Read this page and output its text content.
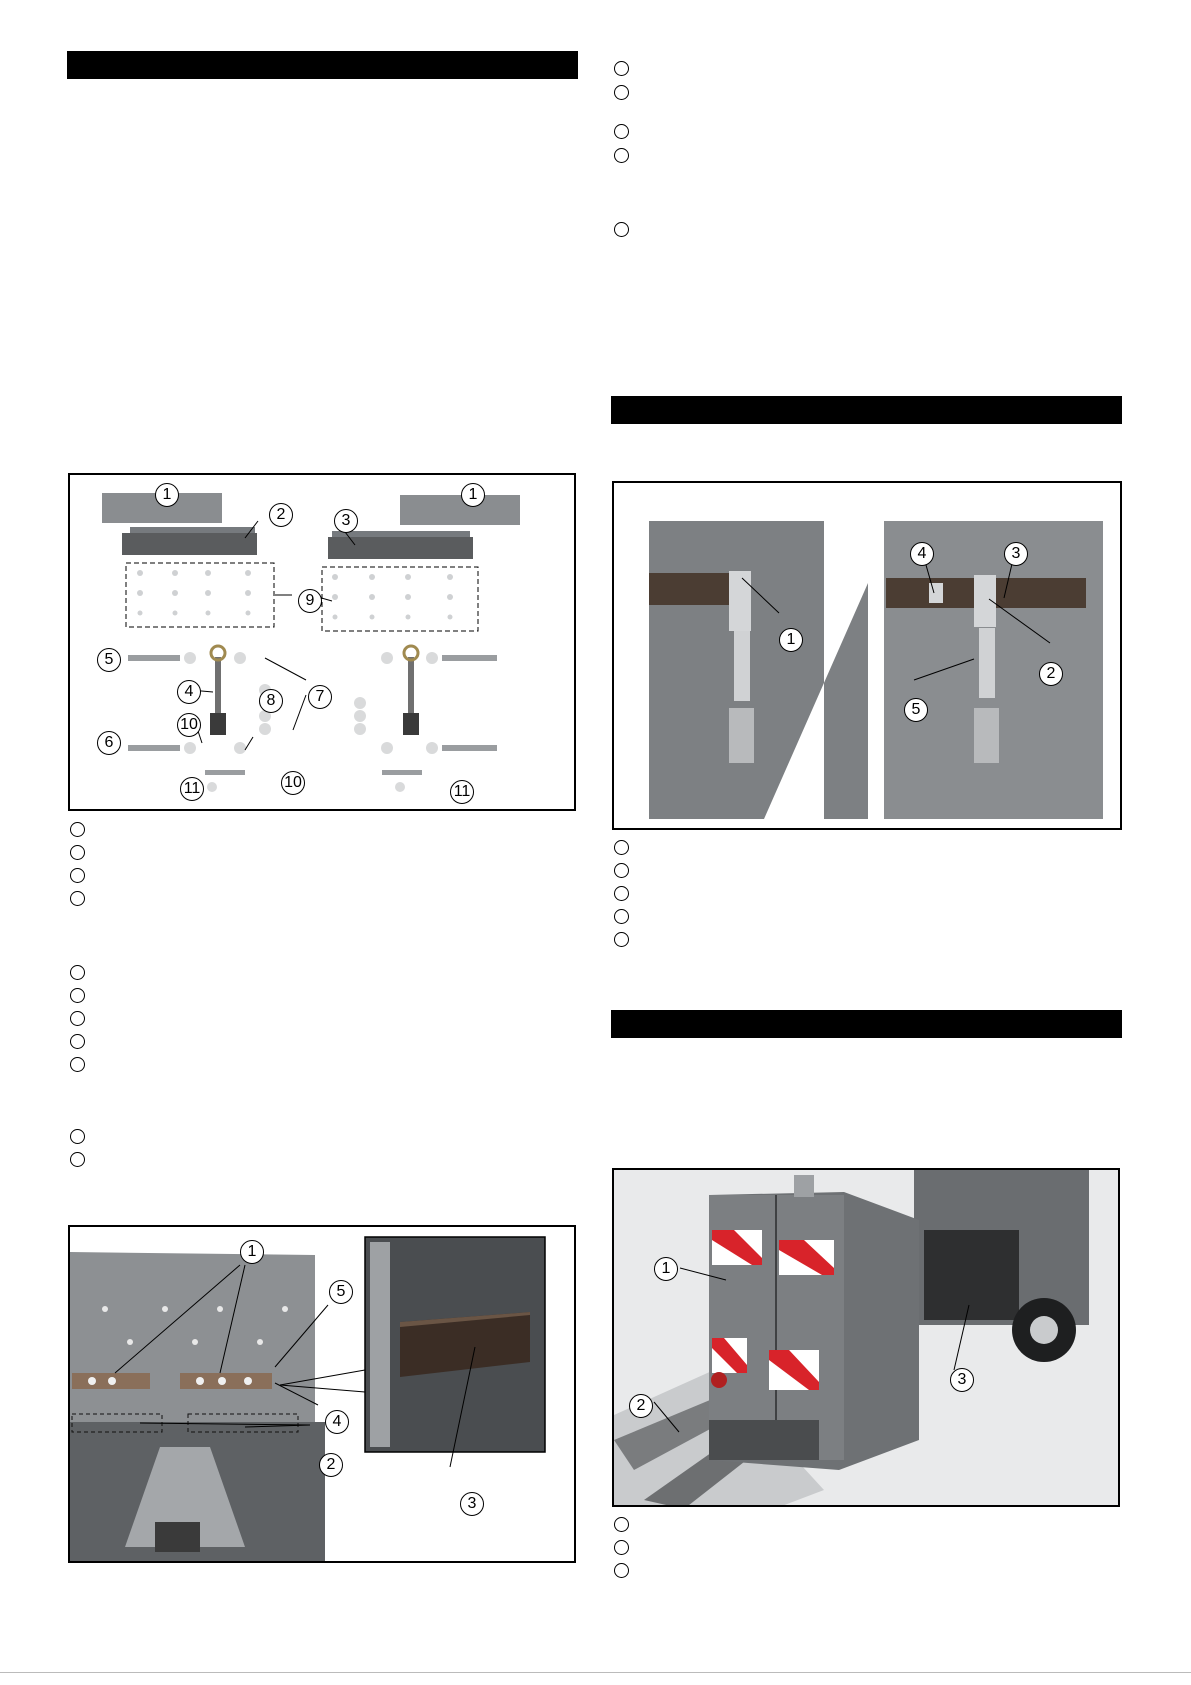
1	1
2	3
9
5
4	7
8
10
6
10
11	11
1
5
4
2
3
1
4	3
2
5
1
2
3
